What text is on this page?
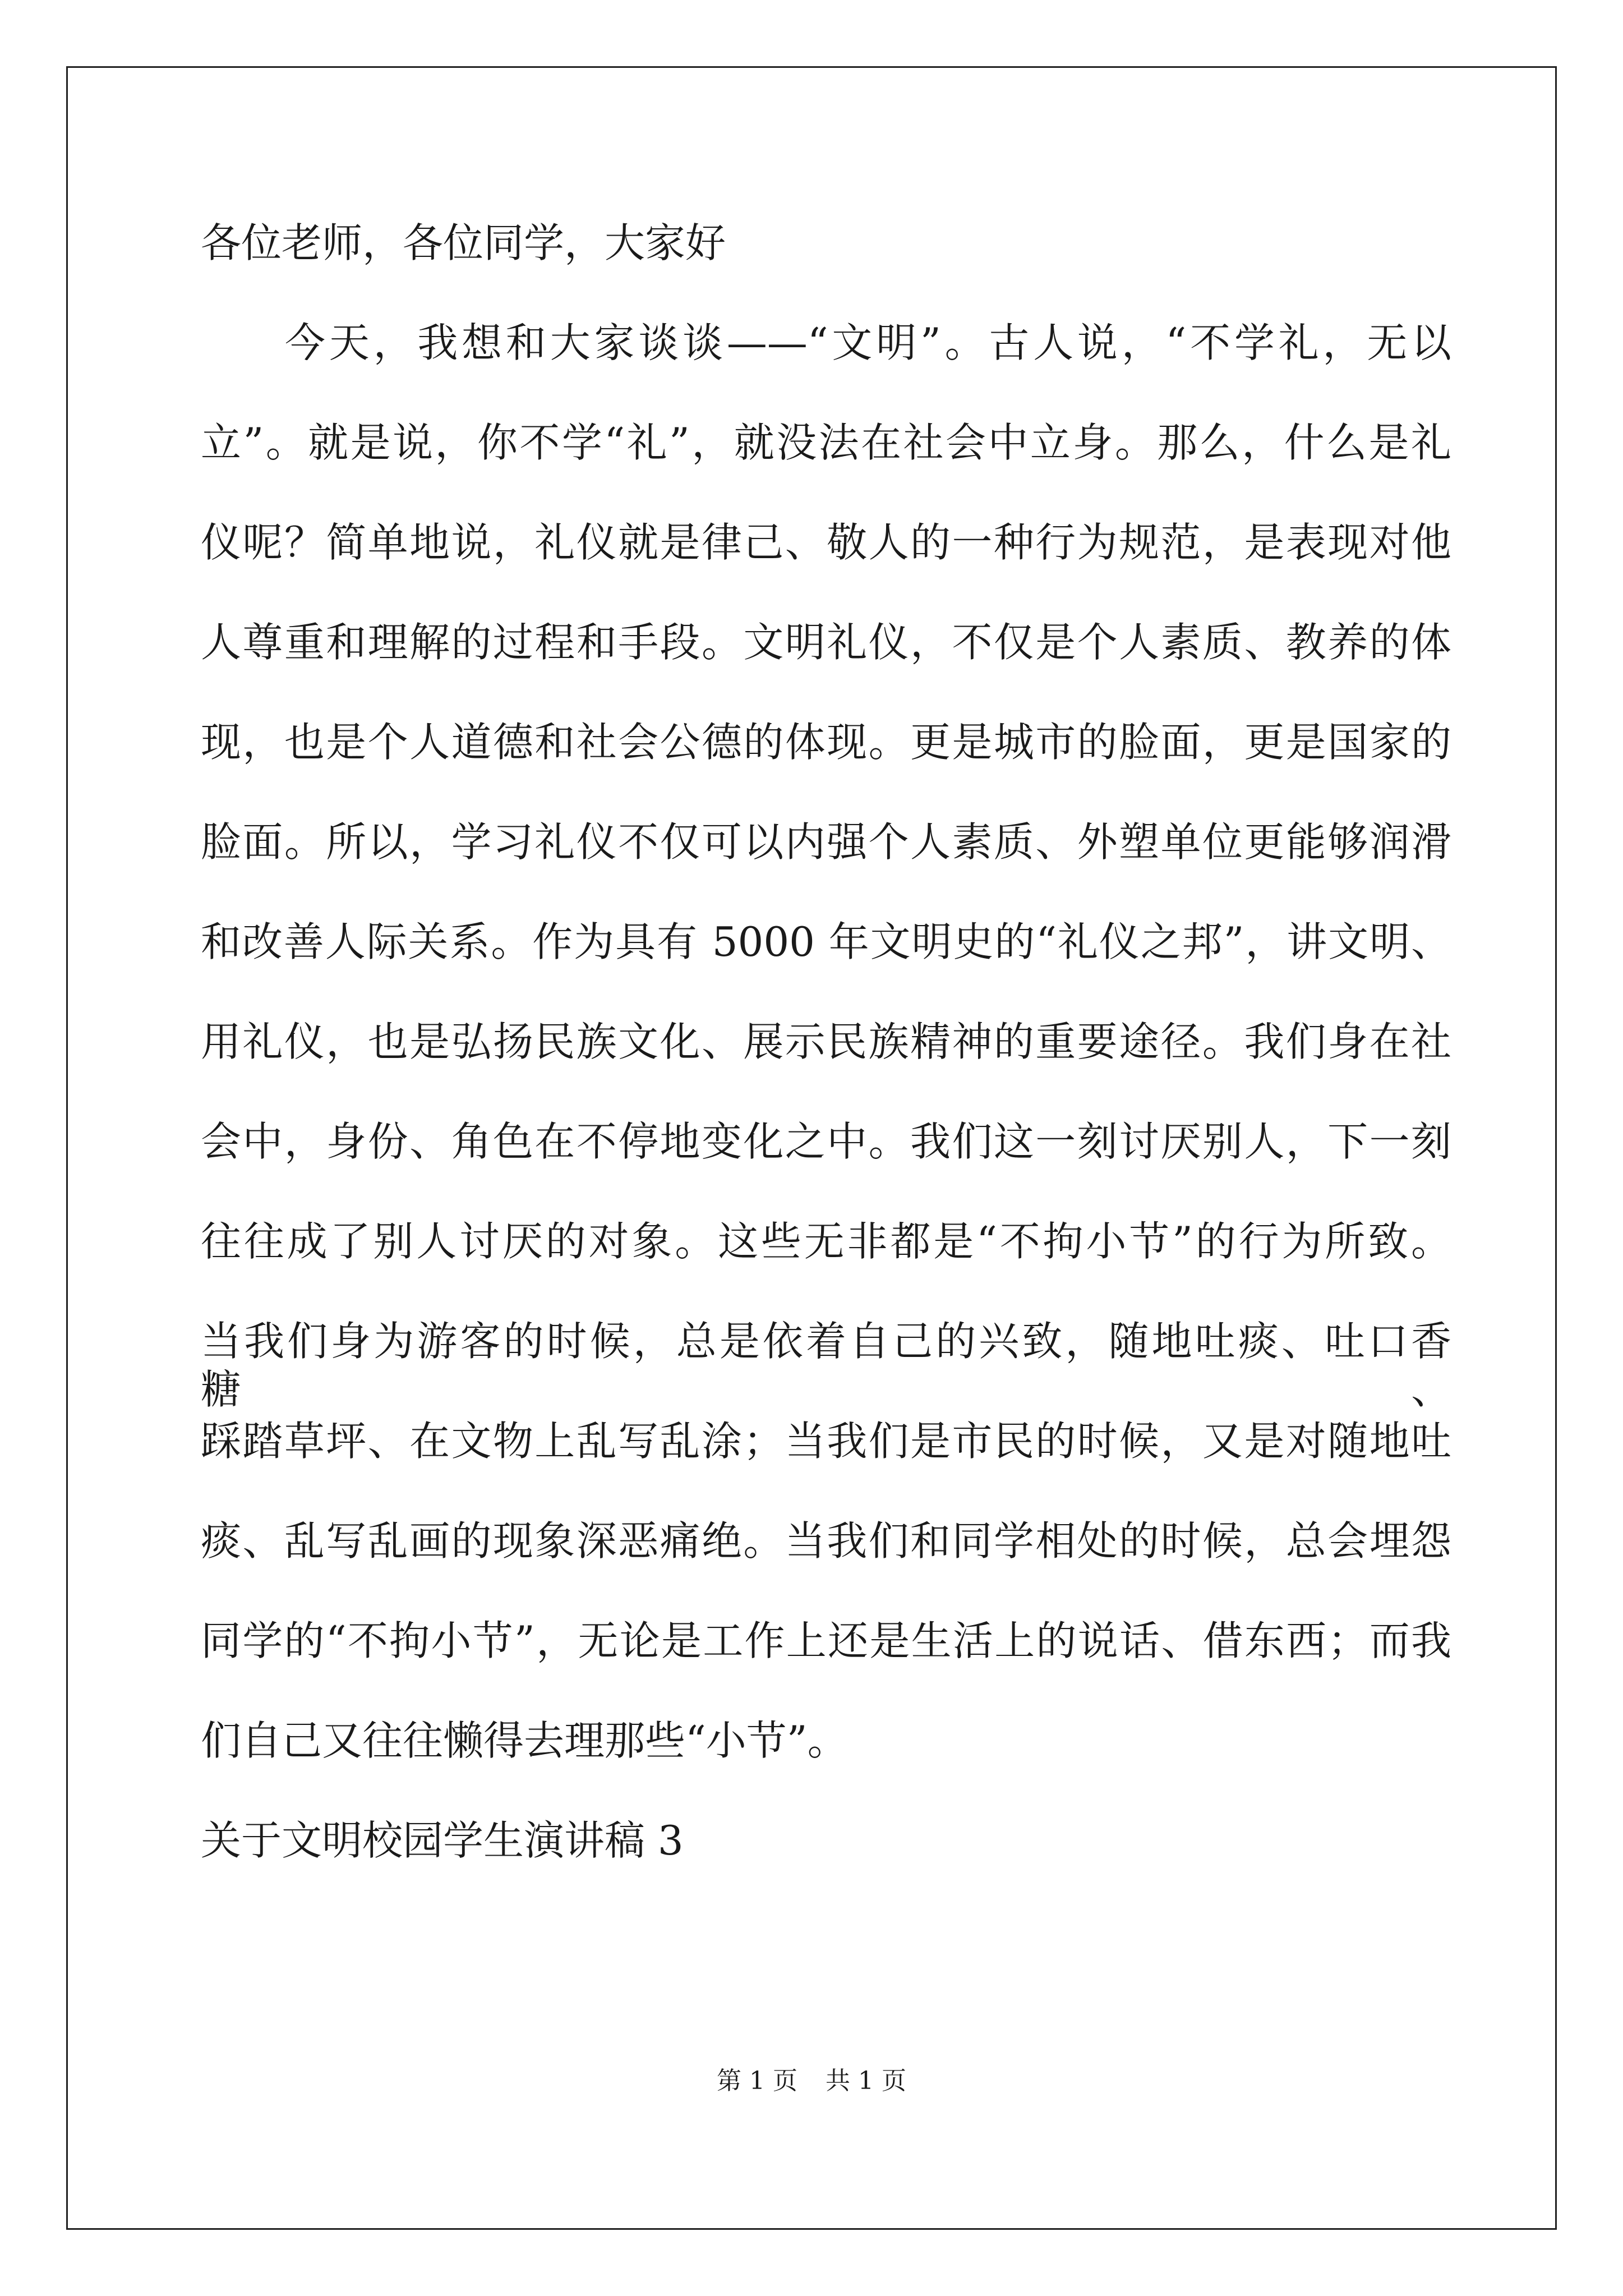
各位老师，各位同学，大家好
今天，我想和大家谈谈——“文明”。古人说，“不学礼，无以
立”。就是说，你不学“礼”，就没法在社会中立身。那么，什么是礼
仪呢？简单地说，礼仪就是律己、敬人的一种行为规范，是表现对他
人尊重和理解的过程和手段。文明礼仪，不仅是个人素质、教养的体
现，也是个人道德和社会公德的体现。更是城市的脸面，更是国家的
脸面。所以，学习礼仪不仅可以内强个人素质、外塑单位更能够润滑
和改善人际关系。作为具有 5000 年文明史的“礼仪之邦”，讲文明、
用礼仪，也是弘扬民族文化、展示民族精神的重要途径。我们身在社
会中，身份、角色在不停地变化之中。我们这一刻讨厌别人，下一刻
往往成了别人讨厌的对象。这些无非都是“不拘小节”的行为所致。
当我们身为游客的时候，总是依着自己的兴致，随地吐痰、吐口香糖、
踩踏草坪、在文物上乱写乱涂；当我们是市民的时候，又是对随地吐
痰、乱写乱画的现象深恶痛绝。当我们和同学相处的时候，总会埋怨
同学的“不拘小节”，无论是工作上还是生活上的说话、借东西；而我
们自己又往往懒得去理那些“小节”。
关于文明校园学生演讲稿 3
第 1 页 共 1 页
